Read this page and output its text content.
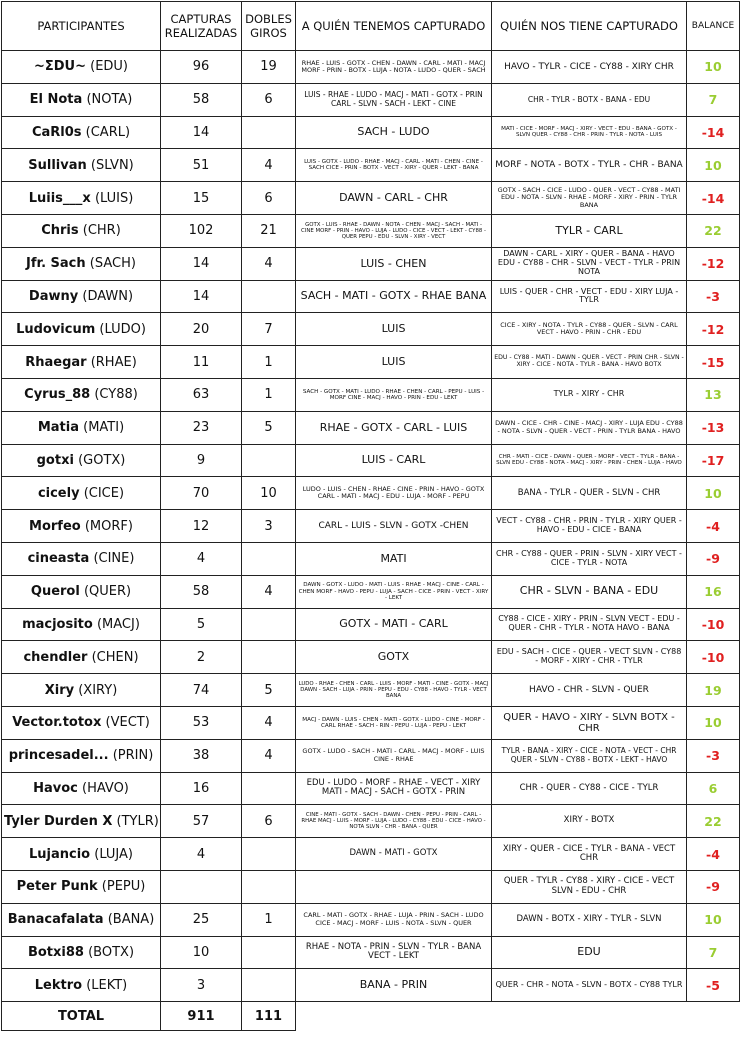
PARTICIPANTES	CAPTURAS REALIZADAS	DOBLES GIROS	A QUIÉN TENEMOS CAPTURADO	QUIÉN NOS TIENE CAPTURADO	BALANCE
~ΣDU~ (EDU)	96	19	RHAE - LUIS - GOTX - CHEN - DAWN - CARL - MATI - MACJ MORF - PRIN - BOTX - LUJA - NOTA - LUDO - QUER - SACH	HAVO - TYLR - CICE - CY88 - XIRY CHR	10
El Nota (NOTA)	58	6	LUIS - RHAE - LUDO - MACJ - MATI - GOTX - PRIN CARL - SLVN - SACH - LEKT - CINE	CHR - TYLR - BOTX - BANA - EDU	7
CaRl0s (CARL)	14		SACH - LUDO	MATI - CICE - MORF - MACJ - XIRY - VECT - EDU - BANA - GOTX - SLVN QUER - CY88 - CHR - PRIN - TYLR - NOTA - LUIS	-14
Sullivan (SLVN)	51	4	LUIS - GOTX - LUDO - RHAE - MACJ - CARL - MATI - CHEN - CINE - SACH CICE - PRIN - BOTX - VECT - XIRY - QUER - LEKT - BANA	MORF - NOTA - BOTX - TYLR - CHR - BANA	10
Luiis___x (LUIS)	15	6	DAWN - CARL - CHR	GOTX - SACH - CICE - LUDO - QUER - VECT - CY88 - MATI EDU - NOTA - SLVN - RHAE - MORF - XIRY - PRIN - TYLR BANA	-14
Chris (CHR)	102	21	GOTX - LUIS - RHAE - DAWN - NOTA - CHEN - MACJ - SACH - MATI - CINE MORF - PRIN - HAVO - LUJA - LUDO - CICE - VECT - LEKT - CY88 - QUER PEPU - EDU - SLVN - XIRY - VECT	TYLR - CARL	22
Jfr. Sach (SACH)	14	4	LUIS - CHEN	DAWN - CARL - XIRY - QUER - BANA - HAVO EDU - CY88 - CHR - SLVN - VECT - TYLR - PRIN NOTA	-12
Dawny (DAWN)	14		SACH - MATI - GOTX - RHAE BANA	LUIS - QUER - CHR - VECT - EDU - XIRY LUJA - TYLR	-3
Ludovicum (LUDO)	20	7	LUIS	CICE - XIRY - NOTA - TYLR - CY88 - QUER - SLVN - CARL VECT - HAVO - PRIN - CHR - EDU	-12
Rhaegar (RHAE)	11	1	LUIS	EDU - CY88 - MATI - DAWN - QUER - VECT - PRIN CHR - SLVN - XIRY - CICE - NOTA - TYLR - BANA - HAVO BOTX	-15
Cyrus_88 (CY88)	63	1	SACH - GOTX - MATI - LUDO - RHAE - CHEN - CARL - PEPU - LUIS - MORF CINE - MACJ - HAVO - PRIN - EDU - LEKT	TYLR - XIRY - CHR	13
Matia (MATI)	23	5	RHAE - GOTX - CARL - LUIS	DAWN - CICE - CHR - CINE - MACJ - XIRY - LUJA EDU - CY88 - NOTA - SLVN - QUER - VECT - PRIN - TYLR BANA - HAVO	-13
gotxi (GOTX)	9		LUIS - CARL	CHR - MATI - CICE - DAWN - QUER - MORF - VECT - TYLR - BANA - SLVN EDU - CY88 - NOTA - MACJ - XIRY - PRIN - CHEN - LUJA - HAVO	-17
cicely (CICE)	70	10	LUDO - LUIS - CHEN - RHAE - CINE - PRIN - HAVO - GOTX CARL - MATI - MACJ - EDU - LUJA - MORF - PEPU	BANA - TYLR - QUER - SLVN - CHR	10
Morfeo (MORF)	12	3	CARL - LUIS - SLVN - GOTX -CHEN	VECT - CY88 - CHR - PRIN - TYLR - XIRY QUER - HAVO - EDU - CICE - BANA	-4
cineasta (CINE)	4		MATI	CHR - CY88 - QUER - PRIN - SLVN - XIRY VECT - CICE - TYLR - NOTA	-9
Querol (QUER)	58	4	DAWN - GOTX - LUDO - MATI - LUIS - RHAE - MACJ - CINE - CARL - CHEN MORF - HAVO - PEPU - LUJA - SACH - CICE - PRIN - VECT - XIRY - LEKT	CHR - SLVN - BANA - EDU	16
macjosito (MACJ)	5		GOTX - MATI - CARL	CY88 - CICE - XIRY - PRIN - SLVN VECT - EDU - QUER - CHR - TYLR - NOTA HAVO - BANA	-10
chendler (CHEN)	2		GOTX	EDU - SACH - CICE - QUER - VECT SLVN - CY88 - MORF - XIRY - CHR - TYLR	-10
Xiry (XIRY)	74	5	LUDO - RHAE - CHEN - CARL - LUIS - MORF - MATI - CINE - GOTX - MACJ DAWN - SACH - LUJA - PRIN - PEPU - EDU - CY88 - HAVO - TYLR - VECT BANA	HAVO - CHR - SLVN - QUER	19
Vector.totox (VECT)	53	4	MACJ - DAWN - LUIS - CHEN - MATI - GOTX - LUDO - CINE - MORF - CARL RHAE - SACH - RIN - PEPU - LUJA - PEPU - LEKT	QUER - HAVO - XIRY - SLVN BOTX - CHR	10
princesadel... (PRIN)	38	4	GOTX - LUDO - SACH - MATI - CARL - MACJ - MORF - LUIS CINE - RHAE	TYLR - BANA - XIRY - CICE - NOTA - VECT - CHR QUER - SLVN - CY88 - BOTX - LEKT - HAVO	-3
Havoc (HAVO)	16		EDU - LUDO - MORF - RHAE - VECT - XIRY MATI - MACJ - SACH - GOTX - PRIN	CHR - QUER - CY88 - CICE - TYLR	6
Tyler Durden X (TYLR)	57	6	CINE - MATI - GOTX - SACH - DAWN - CHEN - PEPU - PRIN - CARL - RHAE MACJ - LUIS - MORF - LUJA - LUDO - CY88 - EDU - CICE - HAVO - NOTA SLVN - CHR - BANA - QUER	XIRY - BOTX	22
Lujancio (LUJA)	4		DAWN - MATI - GOTX	XIRY - QUER - CICE - TYLR - BANA - VECT CHR	-4
Peter Punk (PEPU)				QUER - TYLR - CY88 - XIRY - CICE - VECT SLVN - EDU - CHR	-9
Banacafalata (BANA)	25	1	CARL - MATI - GOTX - RHAE - LUJA - PRIN - SACH - LUDO CICE - MACJ - MORF - LUIS - NOTA - SLVN - QUER	DAWN - BOTX - XIRY - TYLR - SLVN	10
Botxi88 (BOTX)	10		RHAE - NOTA - PRIN - SLVN - TYLR - BANA VECT - LEKT	EDU	7
Lektro (LEKT)	3		BANA - PRIN	QUER - CHR - NOTA - SLVN - BOTX - CY88 TYLR	-5
TOTAL	911	111			
